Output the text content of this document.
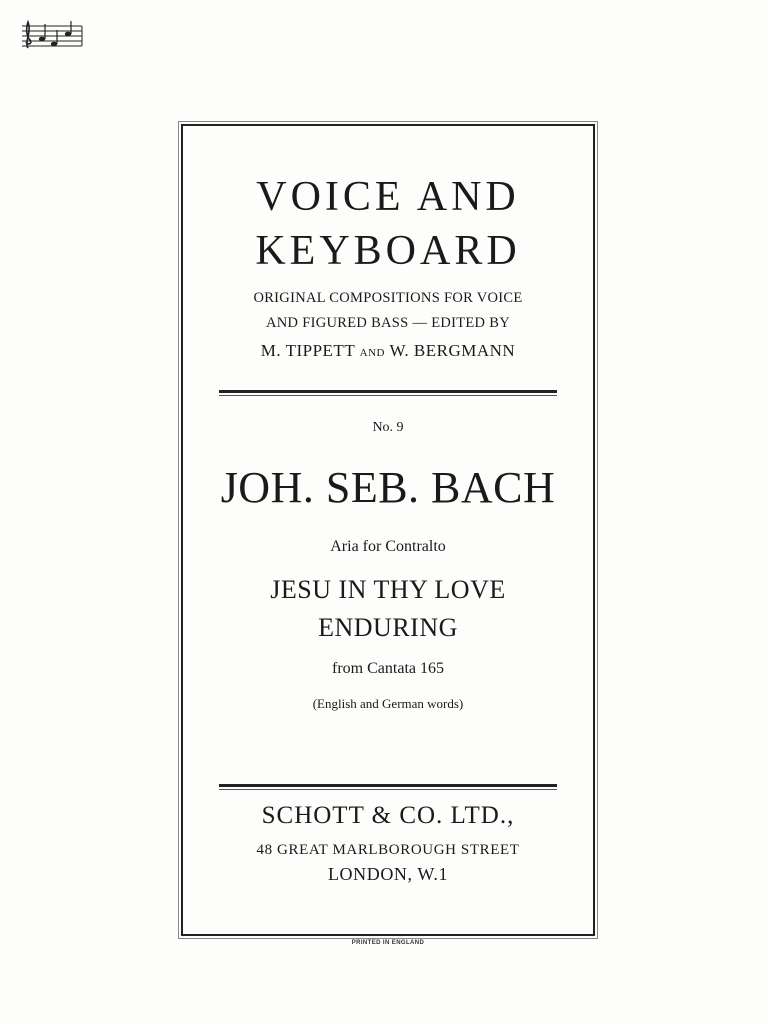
VOICE AND
KEYBOARD
ORIGINAL COMPOSITIONS FOR VOICE
AND FIGURED BASS — EDITED BY
M. TIPPETT AND W. BERGMANN
No. 9
JOH. SEB. BACH
Aria for Contralto
JESU IN THY LOVE
ENDURING
from Cantata 165
(English and German words)
SCHOTT & CO. LTD.,
48 GREAT MARLBOROUGH STREET
LONDON, W.1
PRINTED IN ENGLAND
